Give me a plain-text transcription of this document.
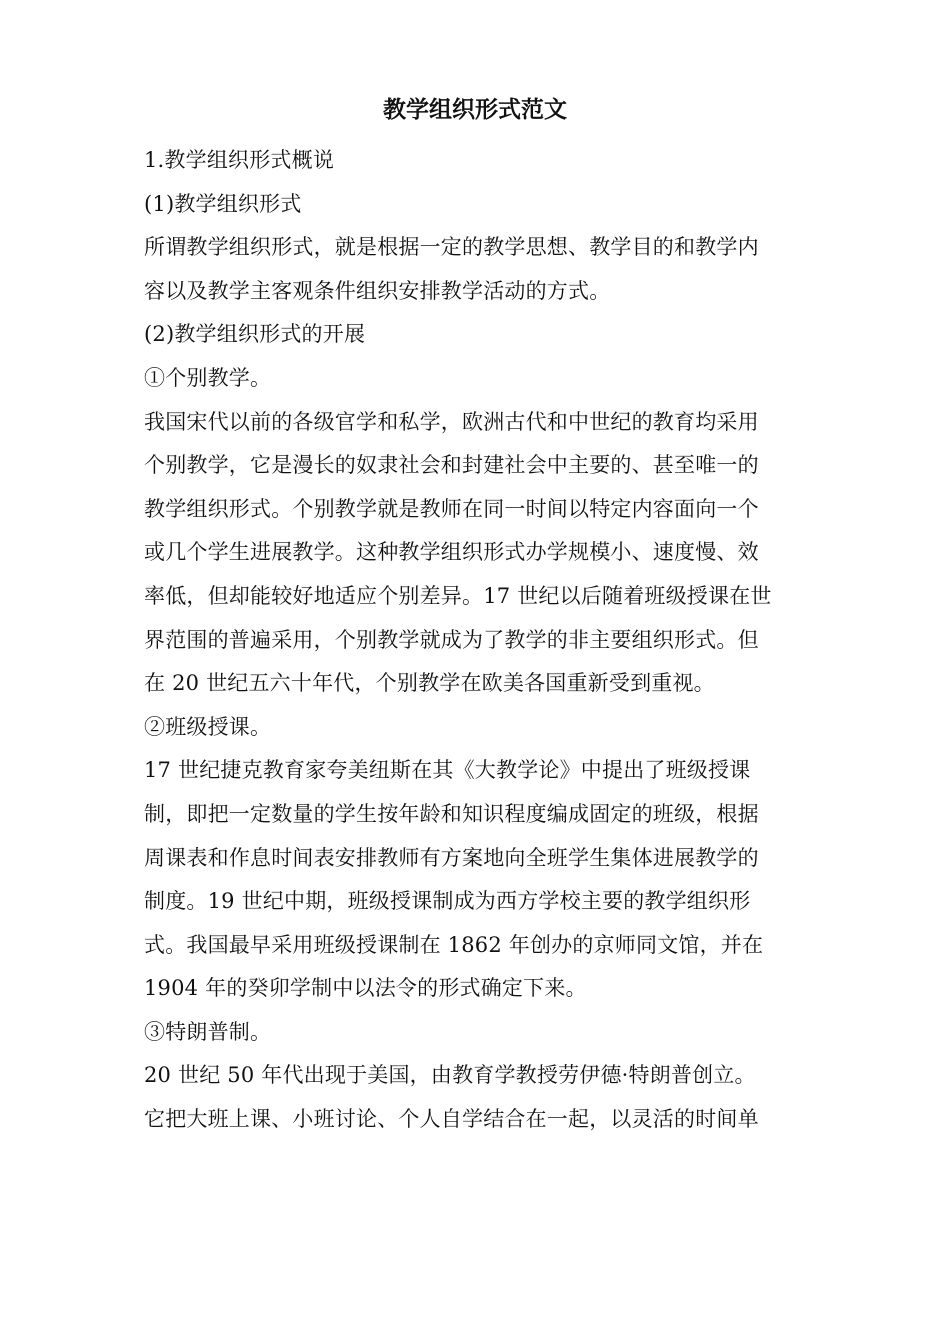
教学组织形式范文

1.教学组织形式概说

(1)教学组织形式

所谓教学组织形式，就是根据一定的教学思想、教学目的和教学内

容以及教学主客观条件组织安排教学活动的方式。

(2)教学组织形式的开展

①个别教学。

我国宋代以前的各级官学和私学，欧洲古代和中世纪的教育均采用

个别教学，它是漫长的奴隶社会和封建社会中主要的、甚至唯一的

教学组织形式。个别教学就是教师在同一时间以特定内容面向一个

或几个学生进展教学。这种教学组织形式办学规模小、速度慢、效

率低，但却能较好地适应个别差异。17 世纪以后随着班级授课在世

界范围的普遍采用，个别教学就成为了教学的非主要组织形式。但

在 20 世纪五六十年代，个别教学在欧美各国重新受到重视。

②班级授课。

17 世纪捷克教育家夸美纽斯在其《大教学论》中提出了班级授课

制，即把一定数量的学生按年龄和知识程度编成固定的班级，根据

周课表和作息时间表安排教师有方案地向全班学生集体进展教学的

制度。19 世纪中期，班级授课制成为西方学校主要的教学组织形

式。我国最早采用班级授课制在 1862 年创办的京师同文馆，并在

1904 年的癸卯学制中以法令的形式确定下来。

③特朗普制。

20 世纪 50 年代出现于美国，由教育学教授劳伊德·特朗普创立。

它把大班上课、小班讨论、个人自学结合在一起，以灵活的时间单
